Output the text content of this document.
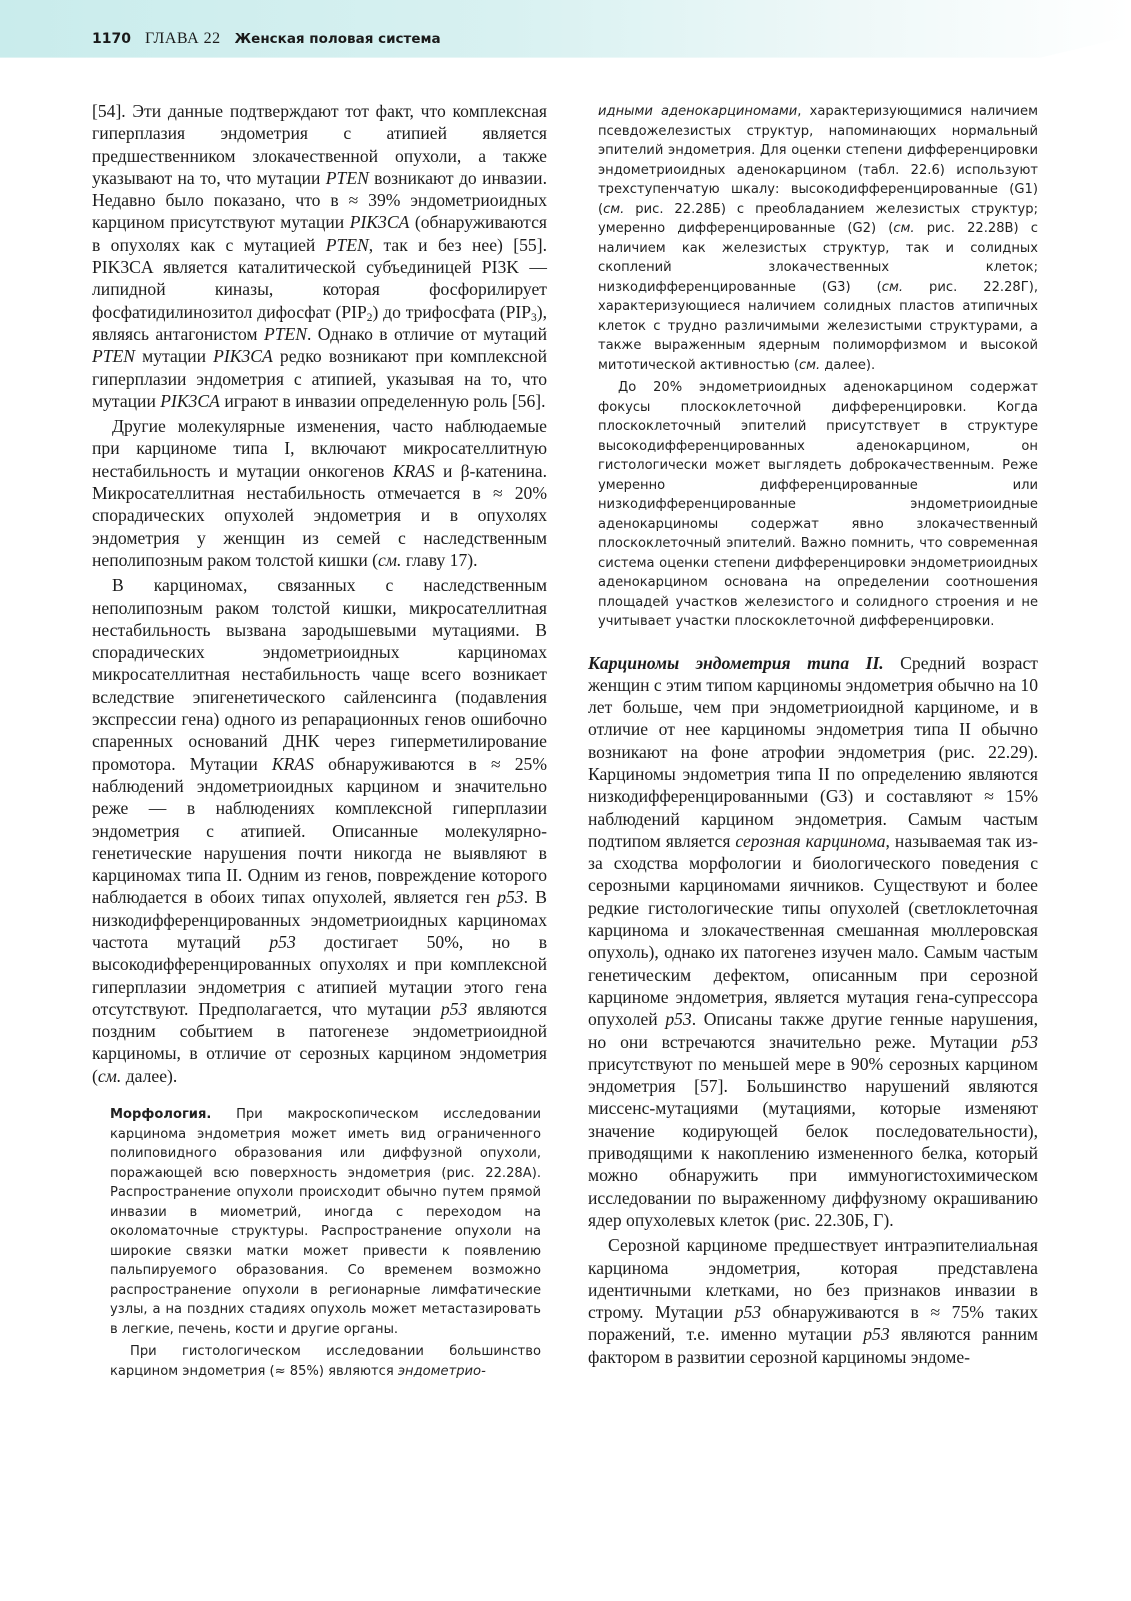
1170 ГЛАВА 22 Женская половая система

[54]. Эти данные подтверждают тот факт, что комплексная гиперплазия эндометрия с атипией является предшественником злокачественной опухоли, а также указывают на то, что мутации PTEN возникают до инвазии. Недавно было показано, что в ≈ 39% эндометриоидных карцином присутствуют мутации PIK3CA (обнаруживаются в опухолях как с мутацией PTEN, так и без нее) [55]. PIK3CA является каталитической субъединицей PI3K — липидной киназы, которая фосфорилирует фосфатидилинозитол дифосфат $(PIP_2)$ до трифосфата $(PIP_3)$, являясь антагонистом PTEN. Однако в отличие от мутаций PTEN мутации PIK3CA редко возникают при комплексной гиперплазии эндометрия с атипией, указывая на то, что мутации PIK3CA играют в инвазии определенную роль [56].

Другие молекулярные изменения, часто наблюдаемые при карциноме типа I, включают микросателлитную нестабильность и мутации онкогенов KRAS и β-катенина. Микросателлитная нестабильность отмечается в ≈ 20% спорадических опухолей эндометрия и в опухолях эндометрия у женщин из семей с наследственным неполипозным раком толстой кишки (см. главу 17).

В карциномах, связанных с наследственным неполипозным раком толстой кишки, микросателлитная нестабильность вызвана зародышевыми мутациями. В спорадических эндометриоидных карциномах микросателлитная нестабильность чаще всего возникает вследствие эпигенетического сайленсинга (подавления экспрессии гена) одного из репарационных генов ошибочно спаренных оснований ДНК через гиперметилирование промотора. Мутации KRAS обнаруживаются в ≈ 25% наблюдений эндометриоидных карцином и значительно реже — в наблюдениях комплексной гиперплазии эндометрия с атипией. Описанные молекулярно-генетические нарушения почти никогда не выявляют в карциномах типа II. Одним из генов, повреждение которого наблюдается в обоих типах опухолей, является ген p53. В низкодифференцированных эндометриоидных карциномах частота мутаций p53 достигает 50%, но в высокодифференцированных опухолях и при комплексной гиперплазии эндометрия с атипией мутации этого гена отсутствуют. Предполагается, что мутации p53 являются поздним событием в патогенезе эндометриоидной карциномы, в отличие от серозных карцином эндометрия (см. далее).

Морфология. При макроскопическом исследовании карцинома эндометрия может иметь вид ограниченного полиповидного образования или диффузной опухоли, поражающей всю поверхность эндометрия (рис. 22.28А). Распространение опухоли происходит обычно путем прямой инвазии в миометрий, иногда с переходом на околоматочные структуры. Распространение опухоли на широкие связки матки может привести к появлению пальпируемого образования. Со временем возможно распространение опухоли в регионарные лимфатические узлы, а на поздних стадиях опухоль может метастазировать в легкие, печень, кости и другие органы.

При гистологическом исследовании большинство карцином эндометрия (≈ 85%) являются эндометрио-

идными аденокарциномами, характеризующимися наличием псевдожелезистых структур, напоминающих нормальный эпителий эндометрия. Для оценки степени дифференцировки эндометриоидных аденокарцином (табл. 22.6) используют трехступенчатую шкалу: высокодифференцированные (G1) (см. рис. 22.28Б) с преобладанием железистых структур; умеренно дифференцированные (G2) (см. рис. 22.28В) с наличием как железистых структур, так и солидных скоплений злокачественных клеток; низкодифференцированные (G3) (см. рис. 22.28Г), характеризующиеся наличием солидных пластов атипичных клеток с трудно различимыми железистыми структурами, а также выраженным ядерным полиморфизмом и высокой митотической активностью (см. далее).

До 20% эндометриоидных аденокарцином содержат фокусы плоскоклеточной дифференцировки. Когда плоскоклеточный эпителий присутствует в структуре высокодифференцированных аденокарцином, он гистологически может выглядеть доброкачественным. Реже умеренно дифференцированные или низкодифференцированные эндометриоидные аденокарциномы содержат явно злокачественный плоскоклеточный эпителий. Важно помнить, что современная система оценки степени дифференцировки эндометриоидных аденокарцином основана на определении соотношения площадей участков железистого и солидного строения и не учитывает участки плоскоклеточной дифференцировки.

Карциномы эндометрия типа II. Средний возраст женщин с этим типом карциномы эндометрия обычно на 10 лет больше, чем при эндометриоидной карциноме, и в отличие от нее карциномы эндометрия типа II обычно возникают на фоне атрофии эндометрия (рис. 22.29). Карциномы эндометрия типа II по определению являются низкодифференцированными (G3) и составляют ≈ 15% наблюдений карцином эндометрия. Самым частым подтипом является серозная карцинома, называемая так из-за сходства морфологии и биологического поведения с серозными карциномами яичников. Существуют и более редкие гистологические типы опухолей (светлоклеточная карцинома и злокачественная смешанная мюллеровская опухоль), однако их патогенез изучен мало. Самым частым генетическим дефектом, описанным при серозной карциноме эндометрия, является мутация гена-супрессора опухолей p53. Описаны также другие генные нарушения, но они встречаются значительно реже. Мутации p53 присутствуют по меньшей мере в 90% серозных карцином эндометрия [57]. Большинство нарушений являются миссенс-мутациями (мутациями, которые изменяют значение кодирующей белок последовательности), приводящими к накоплению измененного белка, который можно обнаружить при иммуногистохимическом исследовании по выраженному диффузному окрашиванию ядер опухолевых клеток (рис. 22.30Б, Г).

Серозной карциноме предшествует интраэпителиальная карцинома эндометрия, которая представлена идентичными клетками, но без признаков инвазии в строму. Мутации p53 обнаруживаются в ≈ 75% таких поражений, т.е. именно мутации p53 являются ранним фактором в развитии серозной карциномы эндоме-
